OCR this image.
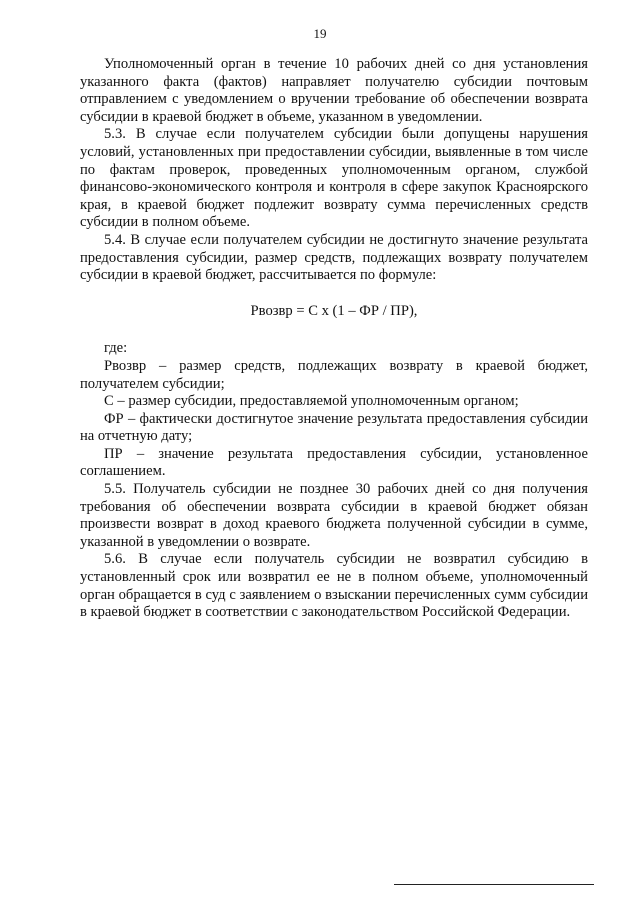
19

Уполномоченный орган в течение 10 рабочих дней со дня установления указанного факта (фактов) направляет получателю субсидии почтовым отправлением с уведомлением о вручении требование об обеспечении возврата субсидии в краевой бюджет в объеме, указанном в уведомлении.

5.3. В случае если получателем субсидии были допущены нарушения условий, установленных при предоставлении субсидии, выявленные в том числе по фактам проверок, проведенных уполномоченным органом, службой финансово-экономического контроля и контроля в сфере закупок Красноярского края, в краевой бюджет подлежит возврату сумма перечисленных средств субсидии в полном объеме.

5.4. В случае если получателем субсидии не достигнуто значение результата предоставления субсидии, размер средств, подлежащих возврату получателем субсидии в краевой бюджет, рассчитывается по формуле:

Рвозвр = С х (1 – ФР / ПР),

где:

Рвозвр – размер средств, подлежащих возврату в краевой бюджет, получателем субсидии;

С – размер субсидии, предоставляемой уполномоченным органом;

ФР – фактически достигнутое значение результата предоставления субсидии на отчетную дату;

ПР – значение результата предоставления субсидии, установленное соглашением.

5.5. Получатель субсидии не позднее 30 рабочих дней со дня получения требования об обеспечении возврата субсидии в краевой бюджет обязан произвести возврат в доход краевого бюджета полученной субсидии в сумме, указанной в уведомлении о возврате.

5.6. В случае если получатель субсидии не возвратил субсидию в установленный срок или возвратил ее не в полном объеме, уполномоченный орган обращается в суд с заявлением о взыскании перечисленных сумм субсидии в краевой бюджет в соответствии с законодательством Российской Федерации.
